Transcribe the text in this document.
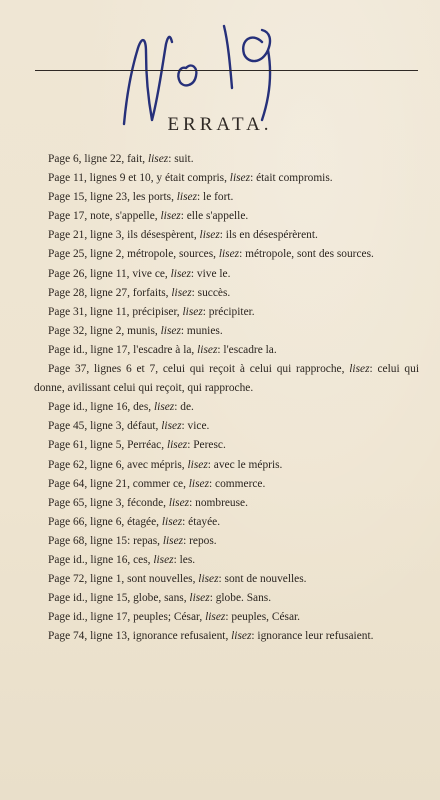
ERRATA.

Page 6, ligne 22, fait, lisez: suit.

Page 11, lignes 9 et 10, y était compris, lisez: était compromis.

Page 15, ligne 23, les ports, lisez: le fort.

Page 17, note, s'appelle, lisez: elle s'appelle.

Page 21, ligne 3, ils désespèrent, lisez: ils en désespérèrent.

Page 25, ligne 2, métropole, sources, lisez: métropole, sont des sources.

Page 26, ligne 11, vive ce, lisez: vive le.

Page 28, ligne 27, forfaits, lisez: succès.

Page 31, ligne 11, précipiser, lisez: précipiter.

Page 32, ligne 2, munis, lisez: munies.

Page id., ligne 17, l'escadre à la, lisez: l'escadre la.

Page 37, lignes 6 et 7, celui qui reçoit à celui qui rapproche, lisez: celui qui donne, avilissant celui qui reçoit, qui rapproche.

Page id., ligne 16, des, lisez: de.

Page 45, ligne 3, défaut, lisez: vice.

Page 61, ligne 5, Perréac, lisez: Peresc.

Page 62, ligne 6, avec mépris, lisez: avec le mépris.

Page 64, ligne 21, commer ce, lisez: commerce.

Page 65, ligne 3, féconde, lisez: nombreuse.

Page 66, ligne 6, étagée, lisez: étayée.

Page 68, ligne 15: repas, lisez: repos.

Page id., ligne 16, ces, lisez: les.

Page 72, ligne 1, sont nouvelles, lisez: sont de nouvelles.

Page id., ligne 15, globe, sans, lisez: globe. Sans.

Page id., ligne 17, peuples; César, lisez: peuples, César.

Page 74, ligne 13, ignorance refusaient, lisez: ignorance leur refusaient.
